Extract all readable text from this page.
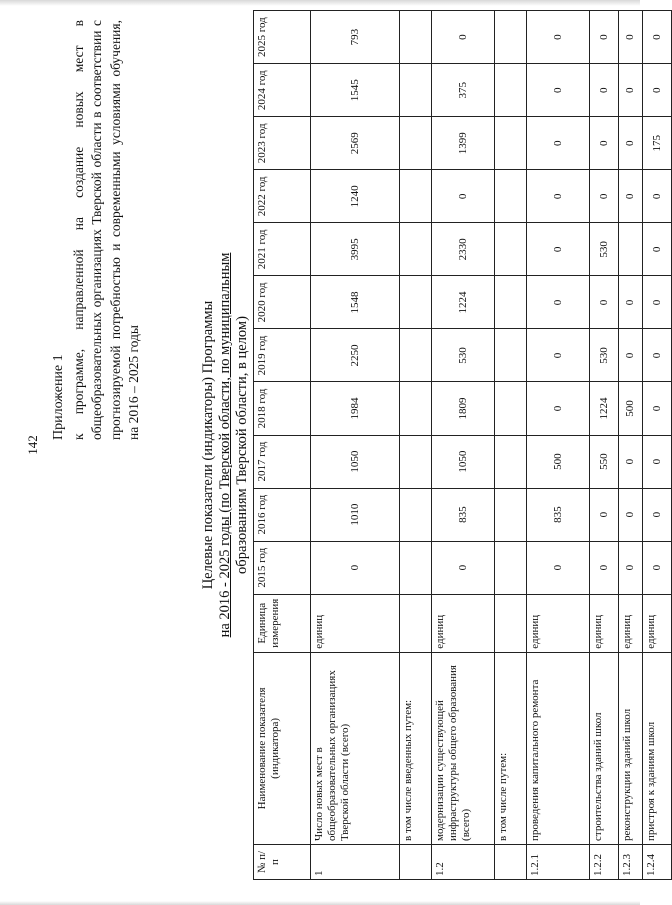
142

Приложение 1 к программе, направленной на создание новых мест в общеобразовательных организациях Тверской области в соответствии с прогнозируемой потребностью и современными условиями обучения, на 2016 – 2025 годы	Целевые показатели (индикаторы) Программы на 2016 - 2025 годы (по Тверской области, по муниципальным образованиям Тверской области, в целом)
№ п/п	Наименование показателя (индикатора)	Единица измерения	2015 год	2016 год	2017 год	2018 год	2019 год	2020 год	2021 год	2022 год	2023 год	2024 год	2025 год
1	Число новых мест в общеобразовательных организациях Тверской области (всего)	единиц	0	1010	1050	1984	2250	1548	3995	1240	2569	1545	793
	в том числе введенных путем:												
1.2	модернизации существующей инфраструктуры общего образования (всего)	единиц	0	835	1050	1809	530	1224	2330	0	1399	375	0
	в том числе путем:												
1.2.1	проведения капитального ремонта	единиц	0	835	500	0	0	0	0	0	0	0	0
1.2.2	строительства зданий школ	единиц	0	0	550	1224	530	0	530	0	0	0	0
1.2.3	реконструкции зданий школ	единиц	0	0	0	500	0	0		0	0	0	0
1.2.4	пристроя к зданиям школ	единиц	0	0	0	0	0	0	0	0	175	0	0
